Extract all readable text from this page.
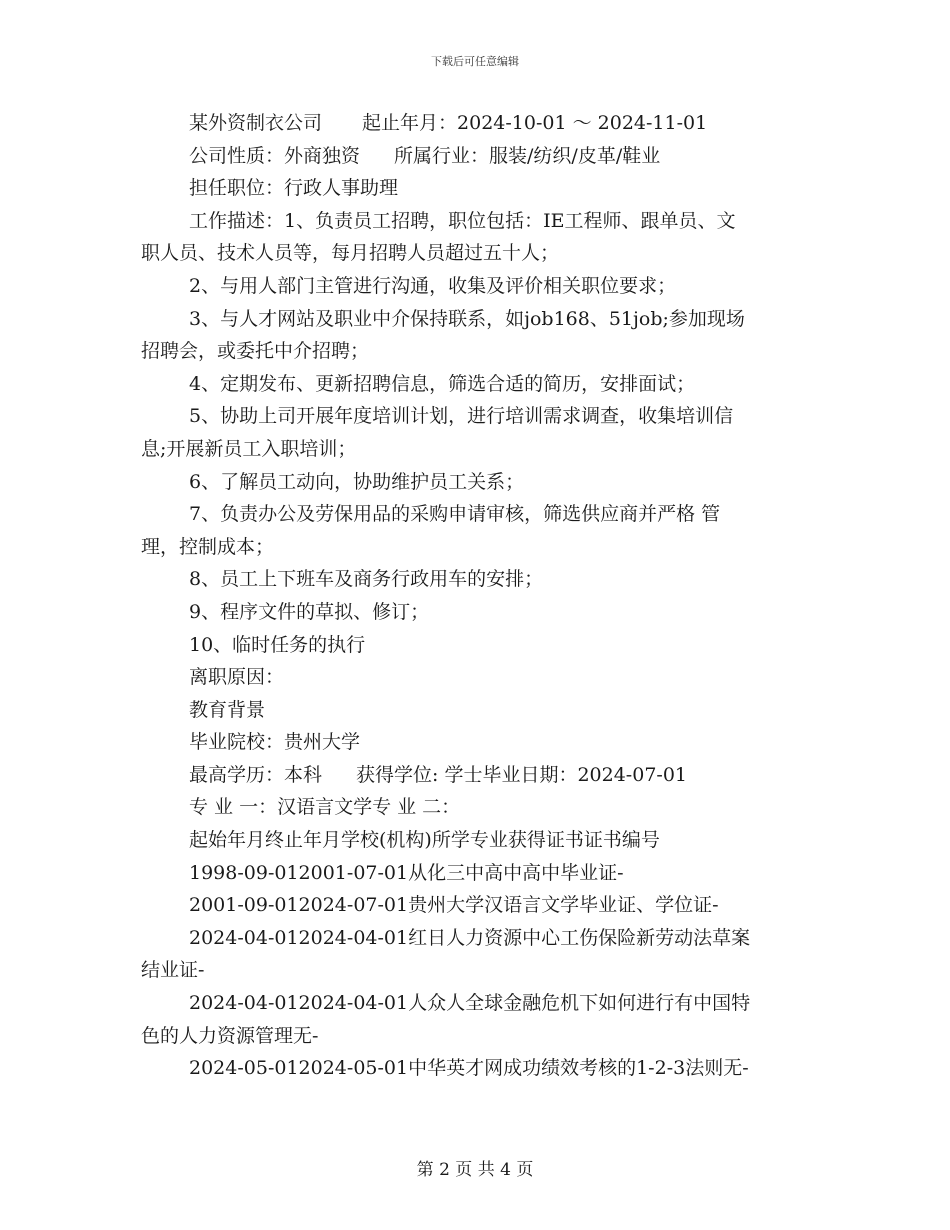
下载后可任意编辑
某外资制衣公司 起止年月：2024-10-01 ～ 2024-11-01
公司性质：外商独资 所属行业：服装/纺织/皮革/鞋业
担任职位：行政人事助理
工作描述：1、负责员工招聘，职位包括：IE工程师、跟单员、文
职人员、技术人员等，每月招聘人员超过五十人；
2、与用人部门主管进行沟通，收集及评价相关职位要求；
3、与人才网站及职业中介保持联系，如job168、51job;参加现场
招聘会，或委托中介招聘；
4、定期发布、更新招聘信息，筛选合适的简历，安排面试；
5、协助上司开展年度培训计划，进行培训需求调查，收集培训信
息;开展新员工入职培训；
6、了解员工动向，协助维护员工关系；
7、负责办公及劳保用品的采购申请审核，筛选供应商并严格 管
理，控制成本；
8、员工上下班车及商务行政用车的安排；
9、程序文件的草拟、修订；
10、临时任务的执行
离职原因：
教育背景
毕业院校：贵州大学
最高学历：本科 获得学位: 学士毕业日期：2024-07-01
专 业 一：汉语言文学专 业 二：
起始年月终止年月学校(机构)所学专业获得证书证书编号
1998-09-012001-07-01从化三中高中高中毕业证-
2001-09-012024-07-01贵州大学汉语言文学毕业证、学位证-
2024-04-012024-04-01红日人力资源中心工伤保险新劳动法草案
结业证-
2024-04-012024-04-01人众人全球金融危机下如何进行有中国特
色的人力资源管理无-
2024-05-012024-05-01中华英才网成功绩效考核的1-2-3法则无-
第 2 页 共 4 页
